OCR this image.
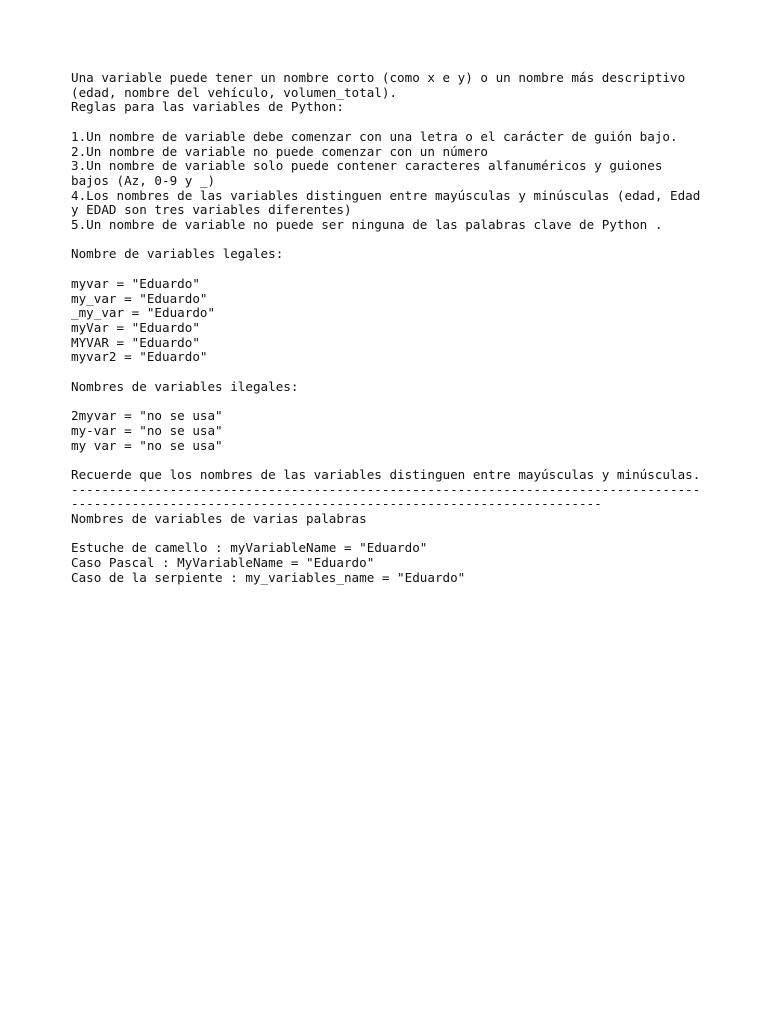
Una variable puede tener un nombre corto (como x e y) o un nombre más descriptivo
(edad, nombre del vehículo, volumen_total).
Reglas para las variables de Python:
1.Un nombre de variable debe comenzar con una letra o el carácter de guión bajo.
2.Un nombre de variable no puede comenzar con un número
3.Un nombre de variable solo puede contener caracteres alfanuméricos y guiones
bajos (Az, 0-9 y _)
4.Los nombres de las variables distinguen entre mayúsculas y minúsculas (edad, Edad
y EDAD son tres variables diferentes)
5.Un nombre de variable no puede ser ninguna de las palabras clave de Python .
Nombre de variables legales:
myvar = "Eduardo"
my_var = "Eduardo"
_my_var = "Eduardo"
myVar = "Eduardo"
MYVAR = "Eduardo"
myvar2 = "Eduardo"
Nombres de variables ilegales:
2myvar = "no se usa"
my-var = "no se usa"
my var = "no se usa"
Recuerde que los nombres de las variables distinguen entre mayúsculas y minúsculas.
-----------------------------------------------------------------------------------
----------------------------------------------------------------------
Nombres de variables de varias palabras
Estuche de camello : myVariableName = "Eduardo"
Caso Pascal : MyVariableName = "Eduardo"
Caso de la serpiente : my_variables_name = "Eduardo"
